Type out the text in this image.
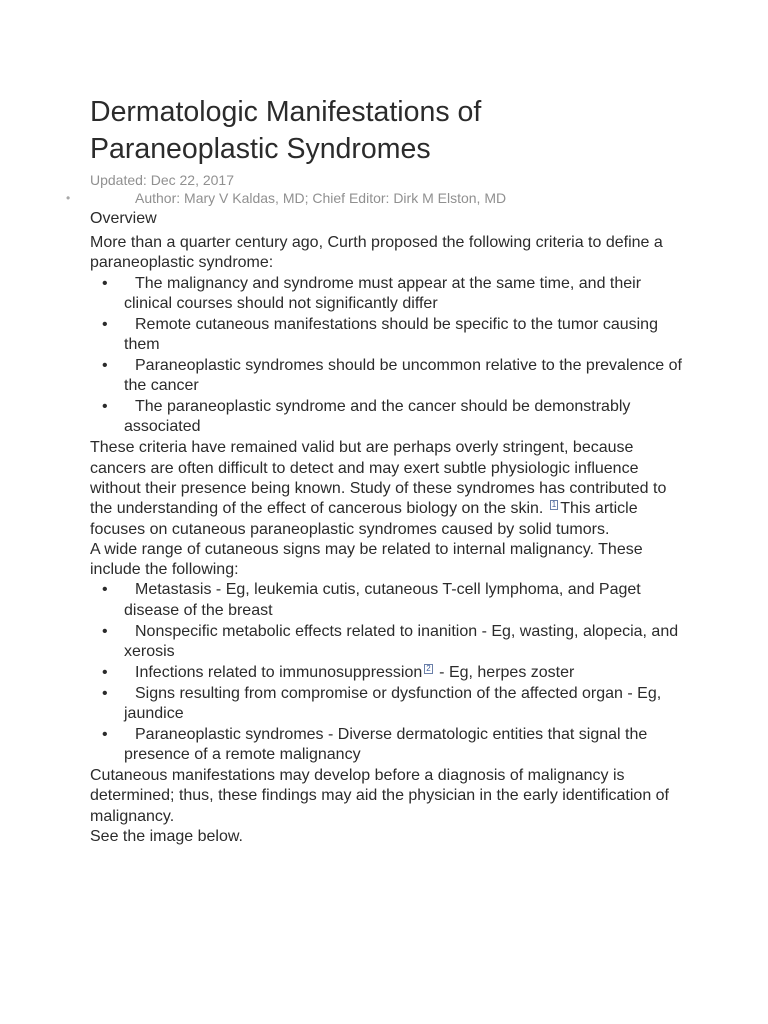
Dermatologic Manifestations of
Paraneoplastic Syndromes
Updated: Dec 22, 2017
•	Author: Mary V Kaldas, MD; Chief Editor: Dirk M Elston, MD
Overview

More than a quarter century ago, Curth proposed the following criteria to define a paraneoplastic syndrome:

• The malignancy and syndrome must appear at the same time, and their clinical courses should not significantly differ
• Remote cutaneous manifestations should be specific to the tumor causing them
• Paraneoplastic syndromes should be uncommon relative to the prevalence of the cancer
• The paraneoplastic syndrome and the cancer should be demonstrably associated

These criteria have remained valid but are perhaps overly stringent, because cancers are often difficult to detect and may exert subtle physiologic influence without their presence being known. Study of these syndromes has contributed to the understanding of the effect of cancerous biology on the skin. $^1$ This article focuses on cutaneous paraneoplastic syndromes caused by solid tumors.

A wide range of cutaneous signs may be related to internal malignancy. These include the following:

• Metastasis - Eg, leukemia cutis, cutaneous T-cell lymphoma, and Paget disease of the breast
• Nonspecific metabolic effects related to inanition - Eg, wasting, alopecia, and xerosis
• Infections related to immunosuppression $^2$ - Eg, herpes zoster
• Signs resulting from compromise or dysfunction of the affected organ - Eg, jaundice
• Paraneoplastic syndromes - Diverse dermatologic entities that signal the presence of a remote malignancy

Cutaneous manifestations may develop before a diagnosis of malignancy is determined; thus, these findings may aid the physician in the early identification of malignancy.

See the image below.
